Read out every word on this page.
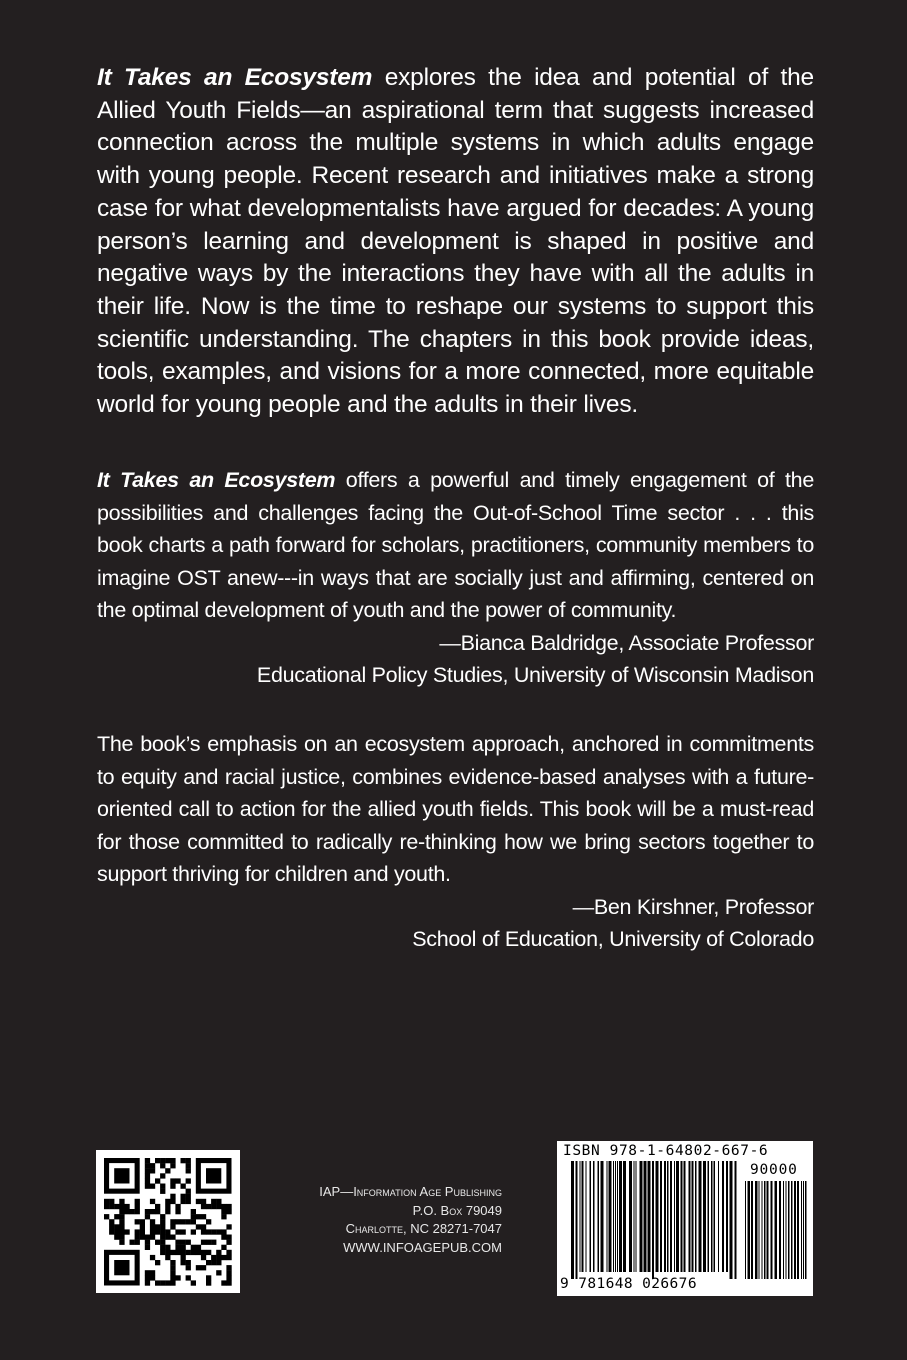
It Takes an Ecosystem explores the idea and potential of the Allied Youth Fields—an aspirational term that suggests increased connection across the multiple systems in which adults engage with young people. Recent research and initiatives make a strong case for what developmentalists have argued for decades: A young person’s learning and development is shaped in positive and negative ways by the interactions they have with all the adults in their life. Now is the time to reshape our systems to support this scientific understanding. The chapters in this book provide ideas, tools, examples, and visions for a more connected, more equitable world for young people and the adults in their lives.
It Takes an Ecosystem offers a powerful and timely engagement of the possibilities and challenges facing the Out-of-School Time sector . . . this book charts a path forward for scholars, practitioners, community members to imagine OST anew---in ways that are socially just and affirming, centered on the optimal development of youth and the power of community.
—Bianca Baldridge, Associate Professor
Educational Policy Studies, University of Wisconsin Madison
The book’s emphasis on an ecosystem approach, anchored in commitments to equity and racial justice, combines evidence-based analyses with a future-oriented call to action for the allied youth fields. This book will be a must-read for those committed to radically re-thinking how we bring sectors together to support thriving for children and youth.
—Ben Kirshner, Professor
School of Education, University of Colorado
IAP—Information Age Publishing
P.O. Box 79049
Charlotte, NC 28271-7047
WWW.INFOAGEPUB.COM
ISBN 978-1-64802-667-6
90000
9 781648 026676
